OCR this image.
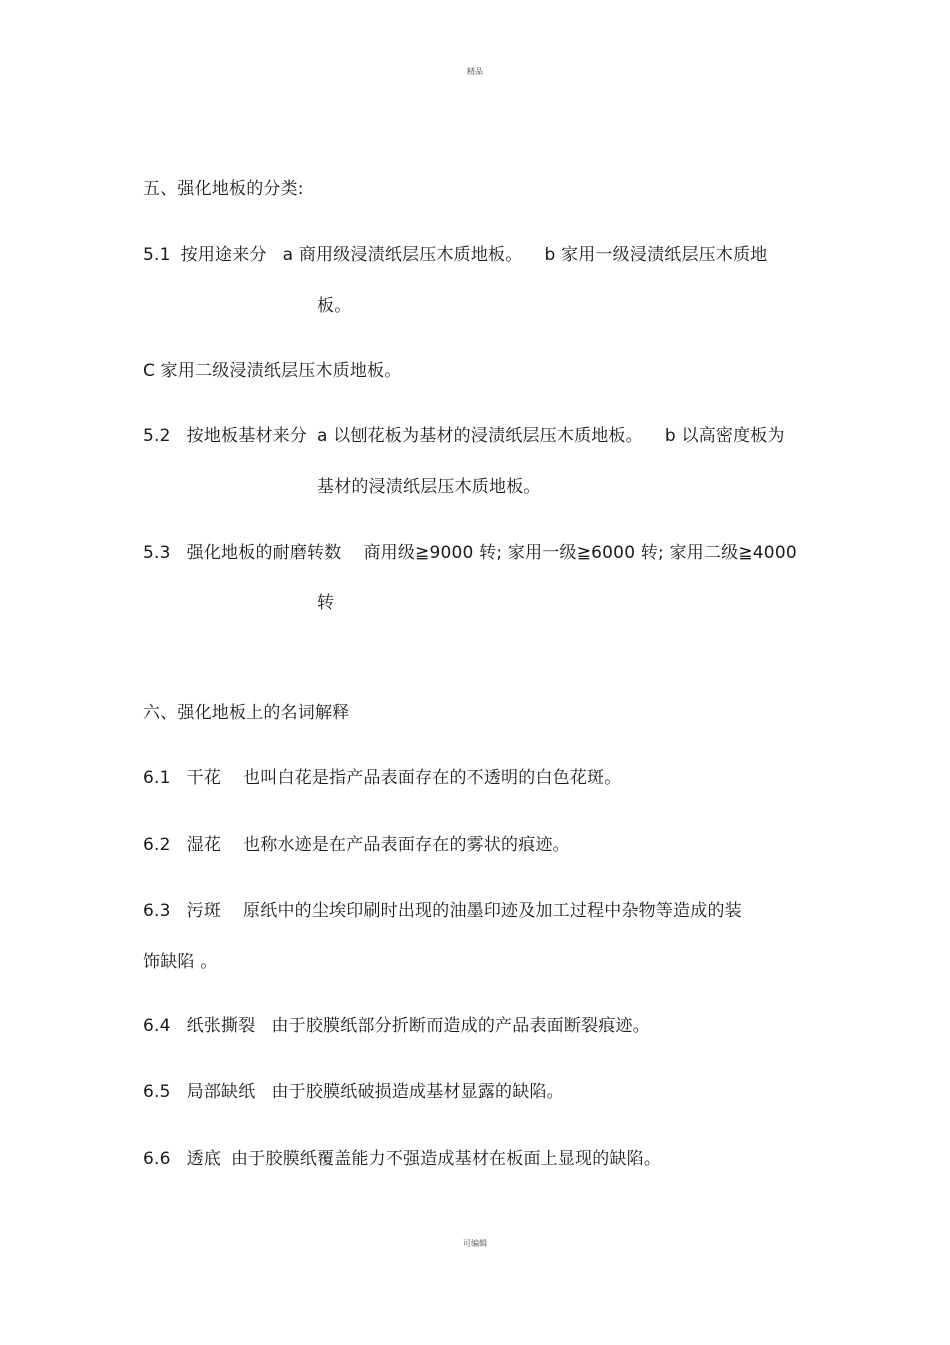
精品
五、强化地板的分类:
5.1 按用途来分 a 商用级浸渍纸层压木质地板。 b 家用一级浸渍纸层压木质地
板。
C 家用二级浸渍纸层压木质地板。
5.2 按地板基材来分 a 以刨花板为基材的浸渍纸层压木质地板。 b 以高密度板为
基材的浸渍纸层压木质地板。
5.3 强化地板的耐磨转数 商用级≧9000 转; 家用一级≧6000 转; 家用二级≧4000
转
六、强化地板上的名词解释
6.1 干花 也叫白花是指产品表面存在的不透明的白色花斑。
6.2 湿花 也称水迹是在产品表面存在的雾状的痕迹。
6.3 污斑 原纸中的尘埃印刷时出现的油墨印迹及加工过程中杂物等造成的装
饰缺陷 。
6.4 纸张撕裂 由于胶膜纸部分折断而造成的产品表面断裂痕迹。
6.5 局部缺纸 由于胶膜纸破损造成基材显露的缺陷。
6.6 透底 由于胶膜纸覆盖能力不强造成基材在板面上显现的缺陷。
可编辑
